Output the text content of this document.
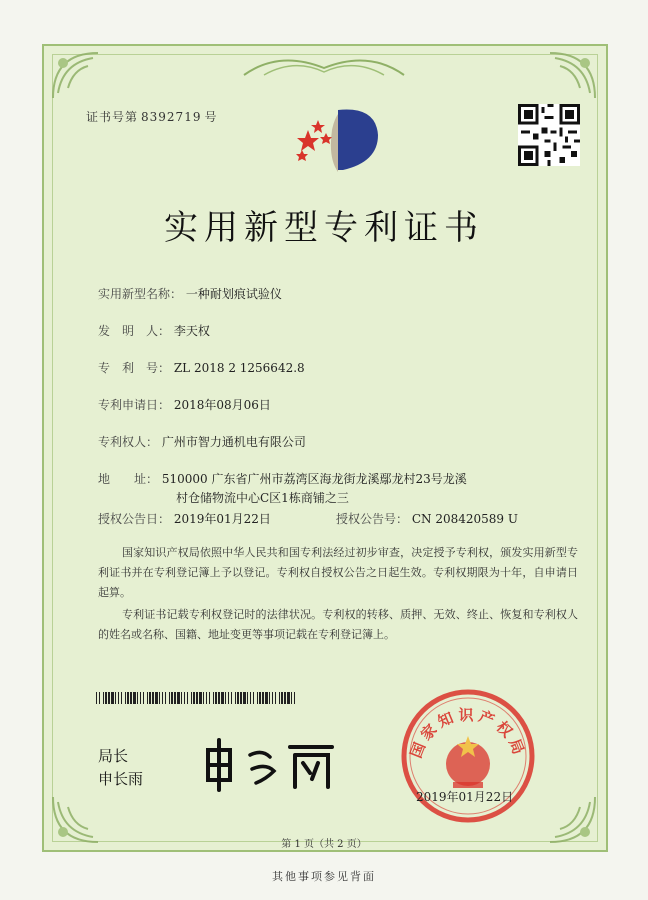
证书号第 8392719 号
实用新型专利证书
实用新型名称： 一种耐划痕试验仪
发　明　人： 李天权
专　利　号： ZL 2018 2 1256642.8
专利申请日： 2018年08月06日
专利权人： 广州市智力通机电有限公司
地　　址： 510000 广东省广州市荔湾区海龙街龙溪鄢龙村23号龙溪
村仓储物流中心C区1栋商铺之三
授权公告日： 2019年01月22日	授权公告号： CN 208420589 U
国家知识产权局依照中华人民共和国专利法经过初步审查，决定授予专利权，颁发实用新型专利证书并在专利登记簿上予以登记。专利权自授权公告之日起生效。专利权期限为十年，自申请日起算。
专利证书记载专利权登记时的法律状况。专利权的转移、质押、无效、终止、恢复和专利权人的姓名或名称、国籍、地址变更等事项记载在专利登记簿上。
局长
申长雨
国家知识产权局
2019年01月22日
第 1 页（共 2 页）
其他事项参见背面
